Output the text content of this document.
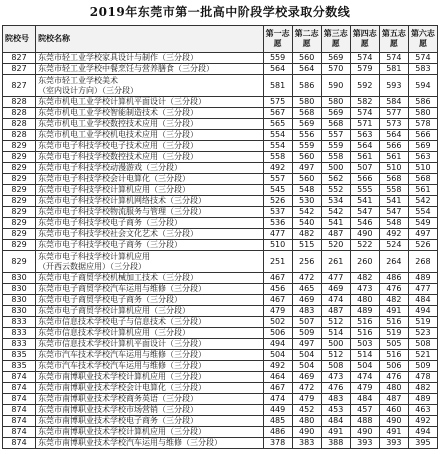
2019年东莞市第一批高中阶段学校录取分数线
院校号	院校名称	第一志愿	第二志愿	第三志愿	第四志愿	第五志愿	第六志愿
827	东莞市轻工业学校家具设计与制作（三分段）	559	560	569	574	574	574
827	东莞市轻工业学校中餐烹饪与营养膳食（三分段）	564	564	570	579	581	583
827	东莞市轻工业学校美术
（室内设计方向）（三分段）	581	586	590	592	593	594
828	东莞市机电工业学校计算机平面设计（三分段）	575	580	580	582	584	586
828	东莞市机电工业学校智能制造技术（三分段）	567	568	569	574	577	580
828	东莞市机电工业学校数控技术应用（三分段）	565	569	568	571	573	578
828	东莞市机电工业学校机电技术应用（三分段）	554	556	557	563	564	566
829	东莞市电子科技学校电子技术应用（三分段）	554	559	559	564	566	569
829	东莞市电子科技学校数控技术应用（三分段）	558	560	558	561	561	563
829	东莞市电子科技学校动漫游戏（三分段）	492	497	500	507	510	510
829	东莞市电子科技学校会计电算化（三分段）	557	560	562	566	568	568
829	东莞市电子科技学校计算机应用（三分段）	545	548	552	555	558	561
829	东莞市电子科技学校计算机网络技术（三分段）	526	530	534	541	541	542
829	东莞市电子科技学校物流服务与管理（三分段）	537	542	542	547	547	554
829	东莞市电子科技学校电子商务（三分段）	536	540	541	546	548	549
829	东莞市电子科技学校社会文化艺术（三分段）	477	482	487	490	492	497
829	东莞市电子科技学校电子商务（三分段）	510	515	520	522	524	526
829	东莞市电子科技学校计算机应用
（开西云数据应用）（三分段）	251	256	261	260	264	268
830	东莞市电子商贸学校机械加工技术（三分段）	467	472	477	482	486	489
830	东莞市电子商贸学校汽车运用与维修（三分段）	456	465	469	473	476	477
830	东莞市电子商贸学校电子商务（三分段）	467	469	474	480	482	484
830	东莞市电子商贸学校计算机应用（三分段）	479	483	487	489	491	494
833	东莞市信息技术学校电子与信息技术（三分段）	502	507	512	516	516	519
833	东莞市信息技术学校计算机应用（三分段）	506	509	514	516	519	523
833	东莞市信息技术学校计算机平面设计（三分段）	494	497	500	503	505	508
835	东莞市汽车技术学校汽车运用与维修（三分段）	504	504	512	514	516	521
835	东莞市汽车技术学校汽车运用与维修（三分段）	492	504	508	504	506	509
874	东莞市南博职业技术学校计算机应用（三分段）	464	469	473	474	476	478
874	东莞市南博职业技术学校会计电算化（三分段）	467	472	476	479	480	482
874	东莞市南博职业技术学校商务英语（三分段）	474	479	483	484	487	489
874	东莞市南博职业技术学校市场营销（三分段）	449	452	453	457	460	463
874	东莞市南博职业技术学校电子商务（三分段）	485	480	484	488	490	492
874	东莞市南博职业技术学校计算机应用（三分段）	486	490	491	490	491	494
874	东莞市南博职业技术学校汽车运用与维修（三分段）	378	383	388	393	393	395
